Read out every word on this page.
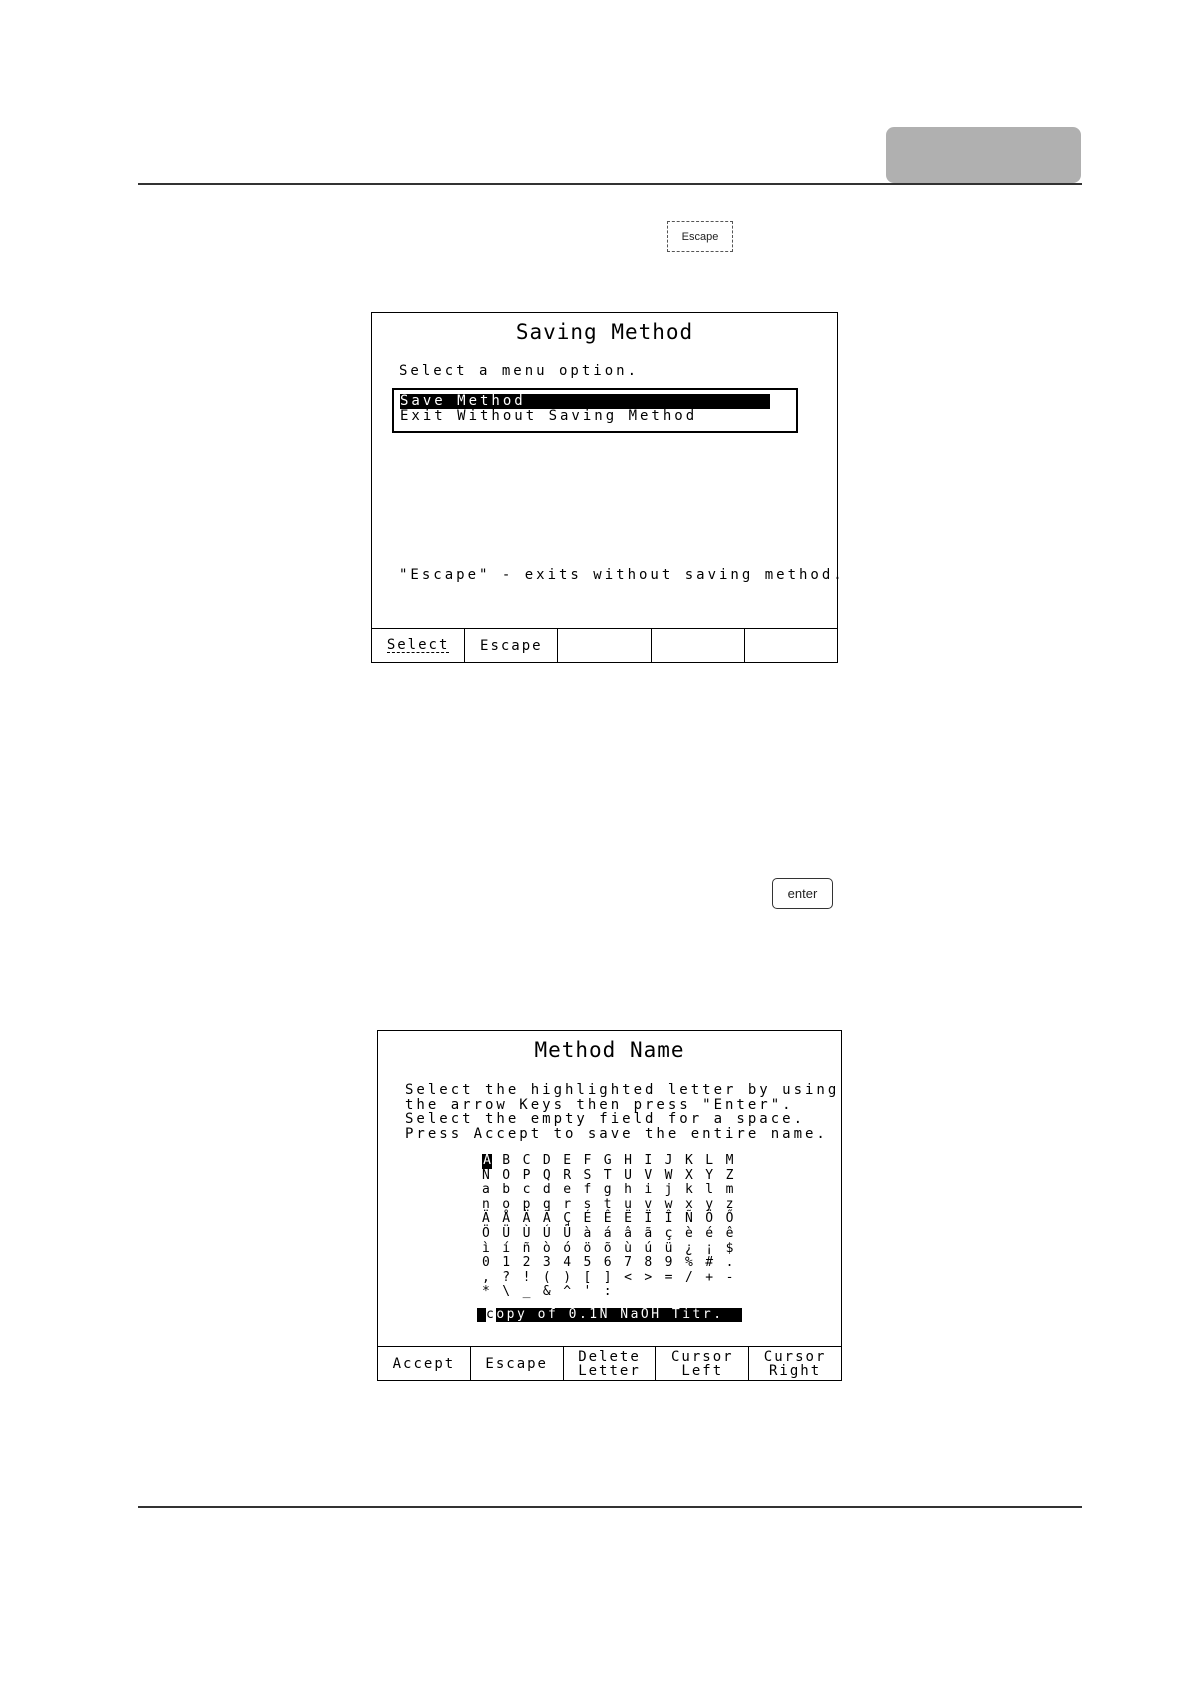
Escape
Saving Method
Select a menu option.
Save Method
Exit Without Saving Method
"Escape" - exits without saving method.
Select Escape
enter
Method Name
Select the highlighted letter by using
the arrow Keys then press "Enter".
Select the empty field for a space.
Press Accept to save the entire name.
A B C D E F G H I J K L M
N O P Q R S T U V W X Y Z
a b c d e f g h i j k l m
n o p q r s t u v w x y z
Ä Å Ä Ã Ç É Ê Ë Ï Î Ñ Ö Ő
Ö Ü Ù Ú Ü à á â ã ç è é ê
ì í ñ ò ó ö õ ù ú ü ¿ ¡ $
0 1 2 3 4 5 6 7 8 9 % # .
, ? ! ( ) [ ] < > = / + -
* \ _ & ^ ' :
copy of 0.1N NaOH Titr.
Accept Escape Delete
Letter
Cursor
Left
Cursor
Right
